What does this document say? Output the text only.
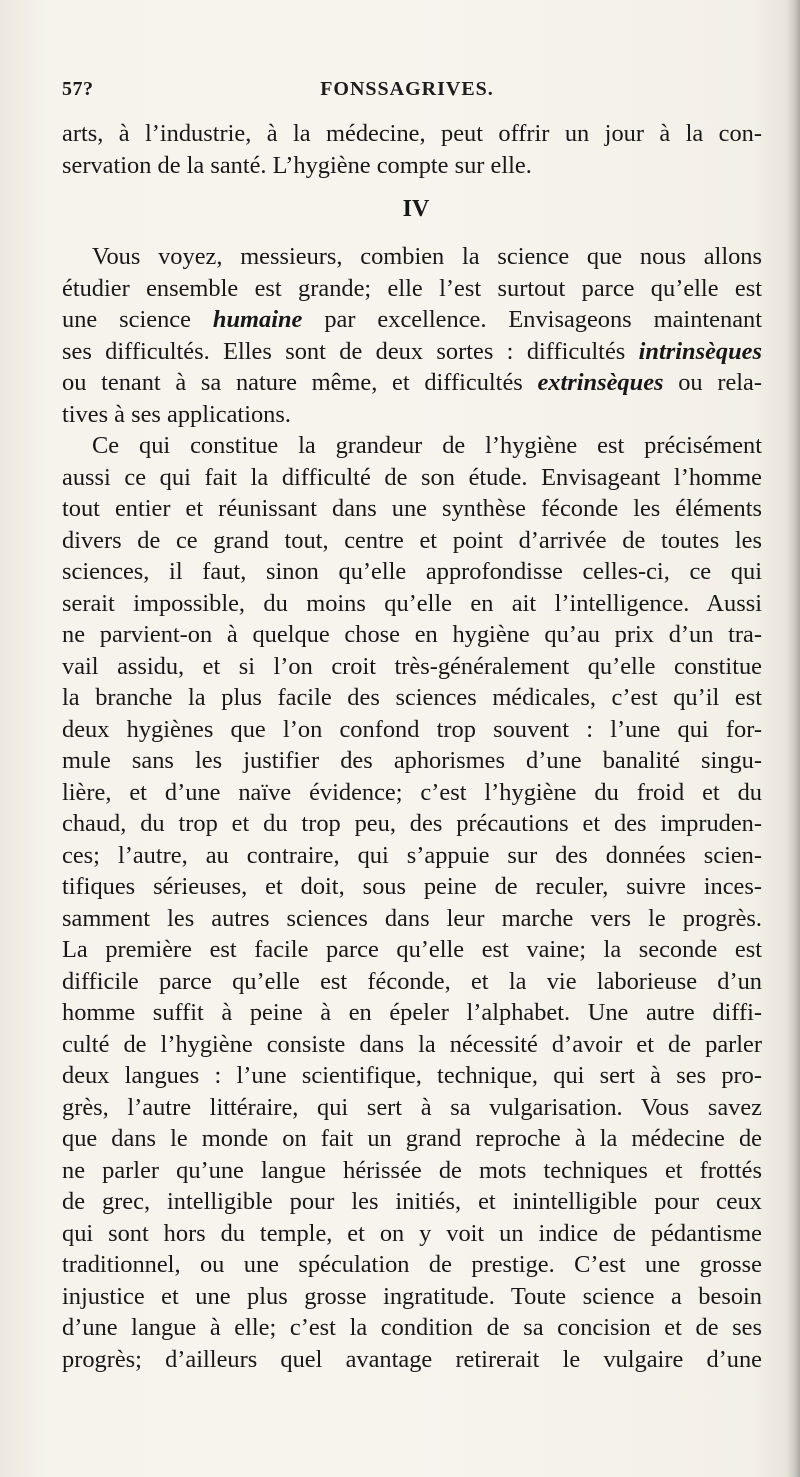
57?	FONSSAGRIVES.
arts, à l’industrie, à la médecine, peut offrir un jour à la con-
servation de la santé. L’hygiène compte sur elle.
IV
Vous voyez, messieurs, combien la science que nous allons
étudier ensemble est grande; elle l’est surtout parce qu’elle est
une science humaine par excellence. Envisageons maintenant
ses difficultés. Elles sont de deux sortes : difficultés intrinsèques
ou tenant à sa nature même, et difficultés extrinsèques ou rela-
tives à ses applications.
Ce qui constitue la grandeur de l’hygiène est précisément
aussi ce qui fait la difficulté de son étude. Envisageant l’homme
tout entier et réunissant dans une synthèse féconde les éléments
divers de ce grand tout, centre et point d’arrivée de toutes les
sciences, il faut, sinon qu’elle approfondisse celles-ci, ce qui
serait impossible, du moins qu’elle en ait l’intelligence. Aussi
ne parvient-on à quelque chose en hygiène qu’au prix d’un tra-
vail assidu, et si l’on croit très-généralement qu’elle constitue
la branche la plus facile des sciences médicales, c’est qu’il est
deux hygiènes que l’on confond trop souvent : l’une qui for-
mule sans les justifier des aphorismes d’une banalité singu-
lière, et d’une naïve évidence; c’est l’hygiène du froid et du
chaud, du trop et du trop peu, des précautions et des impruden-
ces; l’autre, au contraire, qui s’appuie sur des données scien-
tifiques sérieuses, et doit, sous peine de reculer, suivre inces-
samment les autres sciences dans leur marche vers le progrès.
La première est facile parce qu’elle est vaine; la seconde est
difficile parce qu’elle est féconde, et la vie laborieuse d’un
homme suffit à peine à en épeler l’alphabet. Une autre diffi-
culté de l’hygiène consiste dans la nécessité d’avoir et de parler
deux langues : l’une scientifique, technique, qui sert à ses pro-
grès, l’autre littéraire, qui sert à sa vulgarisation. Vous savez
que dans le monde on fait un grand reproche à la médecine de
ne parler qu’une langue hérissée de mots techniques et frottés
de grec, intelligible pour les initiés, et inintelligible pour ceux
qui sont hors du temple, et on y voit un indice de pédantisme
traditionnel, ou une spéculation de prestige. C’est une grosse
injustice et une plus grosse ingratitude. Toute science a besoin
d’une langue à elle; c’est la condition de sa concision et de ses
progrès; d’ailleurs quel avantage retirerait le vulgaire d’une
